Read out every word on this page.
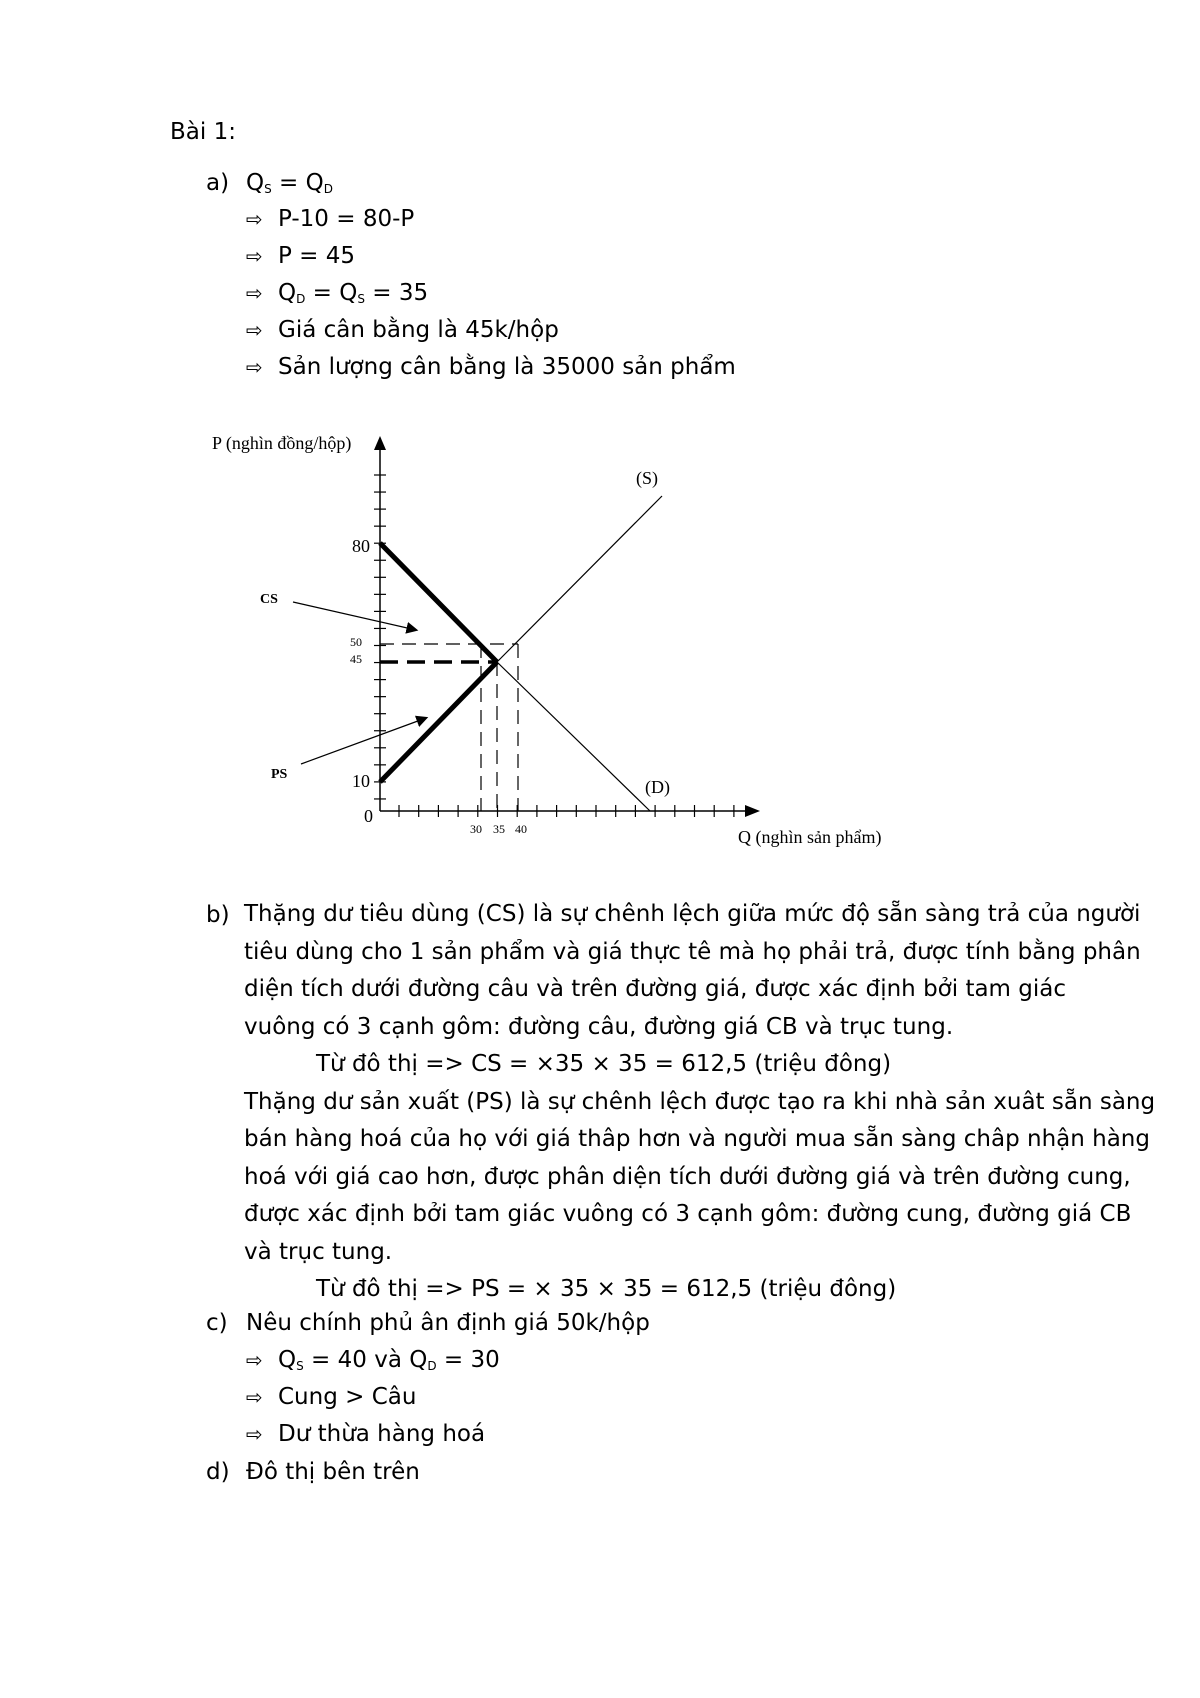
Bài 1:
a) $Q_S = Q_D$
⇨ P-10 = 80-P
⇨ P = 45
⇨ $Q_D = Q_S = 35$
⇨ Giá cân bằng là 45k/hộp
⇨ Sản lượng cân bằng là 35000 sản phẩm
P (nghìn đồng/hộp)
Q (nghìn sản phẩm)
0
80
50
45
10
30 35 40
(S)
(D)
CS
PS
b) Thặng dư tiêu dùng (CS) là sự chênh lệch giữa mức độ sẵn sàng trả của người
tiêu dùng cho 1 sản phẩm và giá thực tê mà họ phải trả, được tính bằng phân
diện tích dưới đường câu và trên đường giá, được xác định bởi tam giác
vuông có 3 cạnh gôm: đường câu, đường giá CB và trục tung.
Từ đô thị => CS = ×35 × 35 = 612,5 (triệu đông)
Thặng dư sản xuất (PS) là sự chênh lệch được tạo ra khi nhà sản xuât sẵn sàng
bán hàng hoá của họ với giá thâp hơn và người mua sẵn sàng châp nhận hàng
hoá với giá cao hơn, được phân diện tích dưới đường giá và trên đường cung,
được xác định bởi tam giác vuông có 3 cạnh gôm: đường cung, đường giá CB
và trục tung.
Từ đô thị => PS = × 35 × 35 = 612,5 (triệu đông)
c) Nêu chính phủ ân định giá 50k/hộp
⇨ $Q_S = 40$ và $Q_D = 30$
⇨ Cung > Câu
⇨ Dư thừa hàng hoá
d) Đô thị bên trên
